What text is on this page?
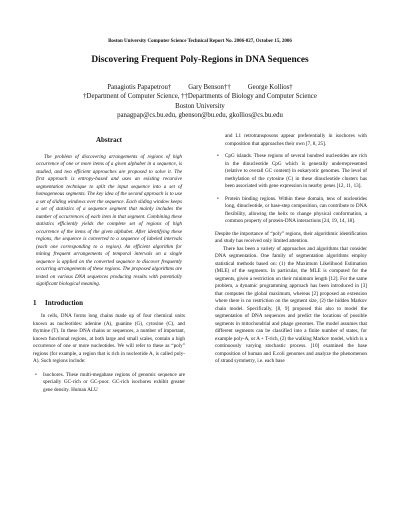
Boston University Computer Science Technical Report No. 2006-027, October 15, 2006
Discovering Frequent Poly-Regions in DNA Sequences
Panagiotis Papapetrou†          Gary Benson††          George Kollios†
†Department of Computer Science, ††Departments of Biology and Computer Science
Boston University
panagpap@cs.bu.edu, gbenson@bu.edu, gkollios@cs.bu.edu
Abstract

The problem of discovering arrangements of regions of high occurrence of one or more items of a given alphabet in a sequence, is studied, and two efficient approaches are proposed to solve it. The first approach is entropy-based and uses an existing recursive segmentation technique to split the input sequence into a set of homogeneous segments. The key idea of the second approach is to use a set of sliding windows over the sequence. Each sliding window keeps a set of statistics of a sequence segment that mainly includes the number of occurrences of each item in that segment. Combining these statistics efficiently yields the complete set of regions of high occurrence of the items of the given alphabet. After identifying these regions, the sequence is converted to a sequence of labeled intervals (each one corresponding to a region). An efficient algorithm for mining frequent arrangements of temporal intervals on a single sequence is applied on the converted sequence to discover frequently occurring arrangements of these regions. The proposed algorithms are tested on various DNA sequences producing results with potentially significant biological meaning.

1 Introduction

In cells, DNA forms long chains made up of four chemical units known as nucleotides: adenine (A), guanine (G), cytosine (C), and thymine (T). In these DNA chains or sequences, a number of important, known functional regions, at both large and small scales, contain a high occurrence of one or more nucleotides. We will refer to these as “poly” regions (for example, a region that is rich in nucleotide A, is called poly-A). Such regions include:

• Isochores. These multi-megabase regions of genomic sequence are specially GC-rich or GC-poor. GC-rich isochores exhibit greater gene density. Human ALU

and L1 retrotransposons appear preferentially in isochores with composition that approaches their own [7, 8, 25].

• CpG islands. These regions of several hundred nucleotides are rich in the dinucleotide CpG which is generally underrepresented (relative to overall GC content) in eukaryotic genomes. The level of methylation of the cytosine (C) in these dinucleotide clusters has been associated with gene expression in nearby genes [12, 11, 13].
• Protein binding regions. Within these domain, tens of nucleotides long, dinucleotide, or base-step composition, can contribute to DNA flexibility, allowing the helix to change physical conformation, a common property of protein-DNA interactions [24, 19, 14, 18].

Despite the importance of “poly” regions, their algorithmic identification and study has received only limited attention.

There has been a variety of approaches and algorithms that consider DNA segmentation. One family of segmentation algorithms employ statistical methods based on: (1) the Maximum Likelihood Estimation (MLE) of the segments. In particular, the MLE is computed for the segments, given a restriction on their minimum length [12]. For the same problem, a dynamic programming approach has been introduced in [3] that computes the global maximum, whereas [2] proposed an extension where there is no restriction on the segment size, (2) the hidden Markov chain model. Specifically, [8, 9] proposed this also to model the segmentation of DNA sequences and predict the locations of possible segments in mitochondrial and phage genomes. The model assumes that different segments can be classified into a finite number of states, for example poly-A, or A + T-rich, (2) the walking Markov model, which is a continuously varying stochastic process. [10] examined the base composition of human and E.coli genomes and analyze the phenomenon of strand symmetry, i.e. each base
